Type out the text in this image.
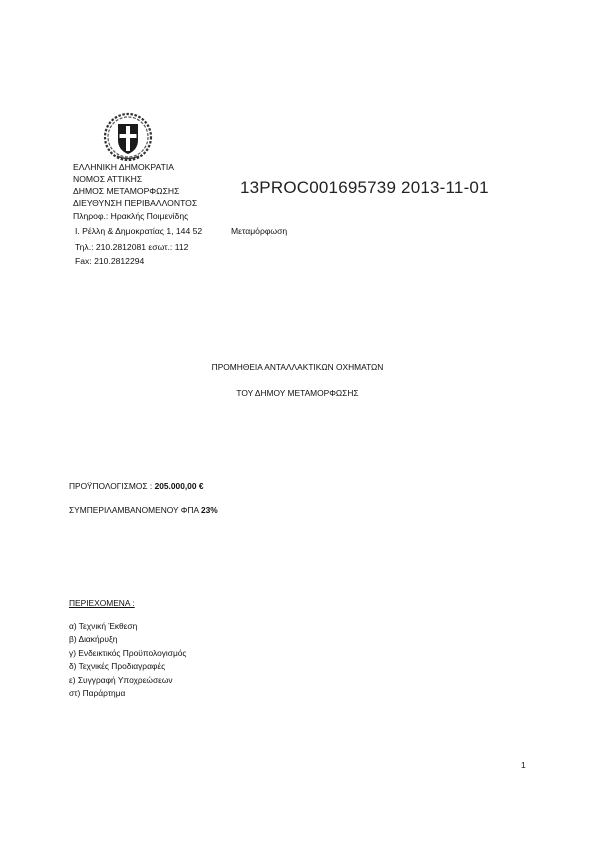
ΕΛΛΗΝΙΚΗ ΔΗΜΟΚΡΑΤΙΑ
ΝΟΜΟΣ ΑΤΤΙΚΗΣ
ΔΗΜΟΣ ΜΕΤΑΜΟΡΦΩΣΗΣ
ΔΙΕΥΘΥΝΣΗ ΠΕΡΙΒΑΛΛΟΝΤΟΣ
Πληροφ.: Ηρακλής Ποιμενίδης
Ι. Ρέλλη & Δημοκρατίας 1, 144 52	Μεταμόρφωση
Τηλ.: 210.2812081 εσωτ.: 112
Fax: 210.2812294
13PROC001695739 2013-11-01
ΠΡΟΜΗΘΕΙΑ ΑΝΤΑΛΛΑΚΤΙΚΩΝ ΟΧΗΜΑΤΩΝ
ΤΟΥ ΔΗΜΟΥ ΜΕΤΑΜΟΡΦΩΣΗΣ
ΠΡΟΫΠΟΛΟΓΙΣΜΟΣ : 205.000,00 €
ΣΥΜΠΕΡΙΛΑΜΒΑΝΟΜΕΝΟΥ ΦΠΑ 23%
ΠΕΡΙΕΧΟΜΕΝΑ :
α) Τεχνική Έκθεση
β) Διακήρυξη
γ) Ενδεικτικός Προϋπολογισμός
δ) Τεχνικές Προδιαγραφές
ε) Συγγραφή Υποχρεώσεων
στ) Παράρτημα
1
